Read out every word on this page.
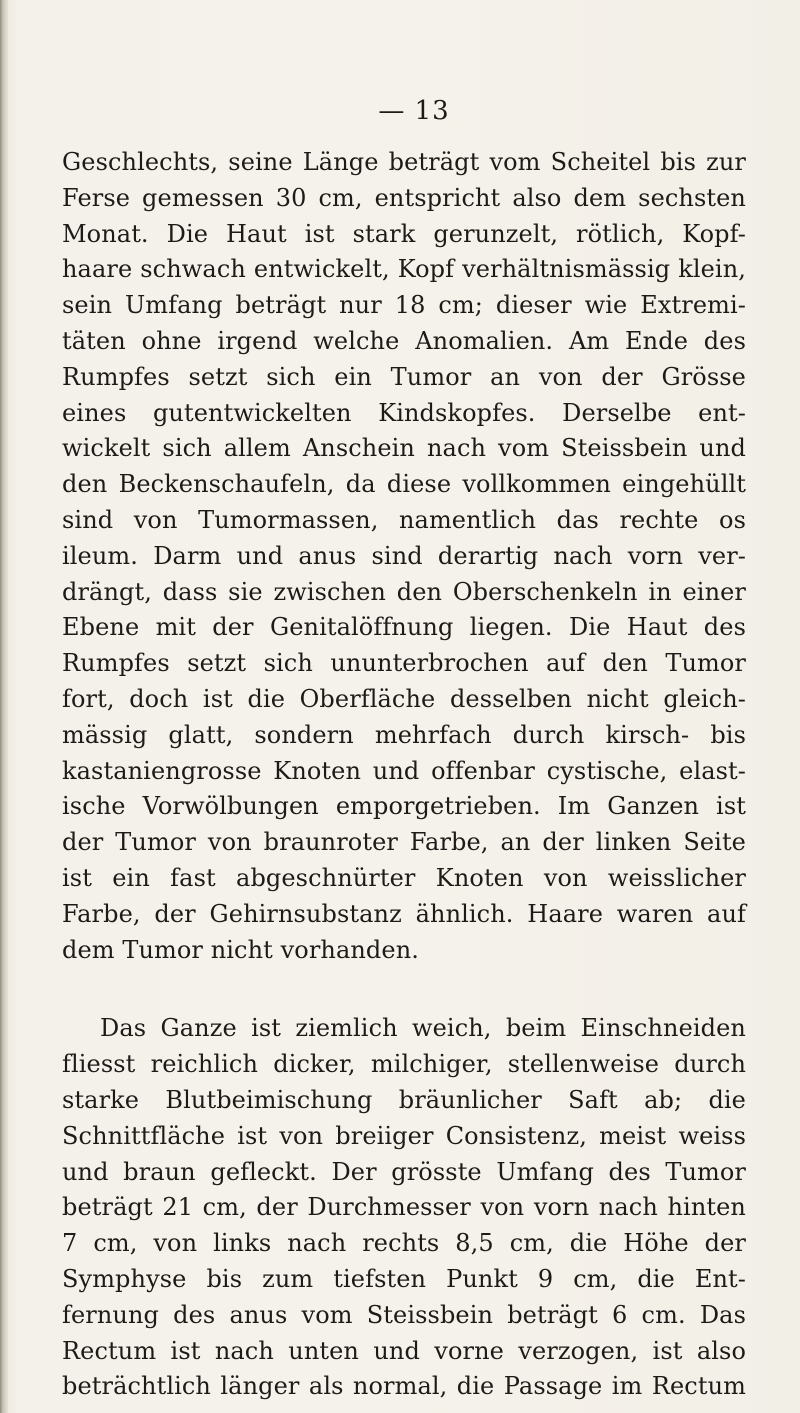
— 13
Geschlechts, seine Länge beträgt vom Scheitel bis zur
Ferse gemessen 30 cm, entspricht also dem sechsten
Monat. Die Haut ist stark gerunzelt, rötlich, Kopf-
haare schwach entwickelt, Kopf verhältnismässig klein,
sein Umfang beträgt nur 18 cm; dieser wie Extremi-
täten ohne irgend welche Anomalien. Am Ende des
Rumpfes setzt sich ein Tumor an von der Grösse
eines gutentwickelten Kindskopfes. Derselbe ent-
wickelt sich allem Anschein nach vom Steissbein und
den Beckenschaufeln, da diese vollkommen eingehüllt
sind von Tumormassen, namentlich das rechte os
ileum. Darm und anus sind derartig nach vorn ver-
drängt, dass sie zwischen den Oberschenkeln in einer
Ebene mit der Genitalöffnung liegen. Die Haut des
Rumpfes setzt sich ununterbrochen auf den Tumor
fort, doch ist die Oberfläche desselben nicht gleich-
mässig glatt, sondern mehrfach durch kirsch- bis
kastaniengrosse Knoten und offenbar cystische, elast-
ische Vorwölbungen emporgetrieben. Im Ganzen ist
der Tumor von braunroter Farbe, an der linken Seite
ist ein fast abgeschnürter Knoten von weisslicher
Farbe, der Gehirnsubstanz ähnlich. Haare waren auf
dem Tumor nicht vorhanden.
Das Ganze ist ziemlich weich, beim Einschneiden
fliesst reichlich dicker, milchiger, stellenweise durch
starke Blutbeimischung bräunlicher Saft ab; die
Schnittfläche ist von breiiger Consistenz, meist weiss
und braun gefleckt. Der grösste Umfang des Tumor
beträgt 21 cm, der Durchmesser von vorn nach hinten
7 cm, von links nach rechts 8,5 cm, die Höhe der
Symphyse bis zum tiefsten Punkt 9 cm, die Ent-
fernung des anus vom Steissbein beträgt 6 cm. Das
Rectum ist nach unten und vorne verzogen, ist also
beträchtlich länger als normal, die Passage im Rectum
